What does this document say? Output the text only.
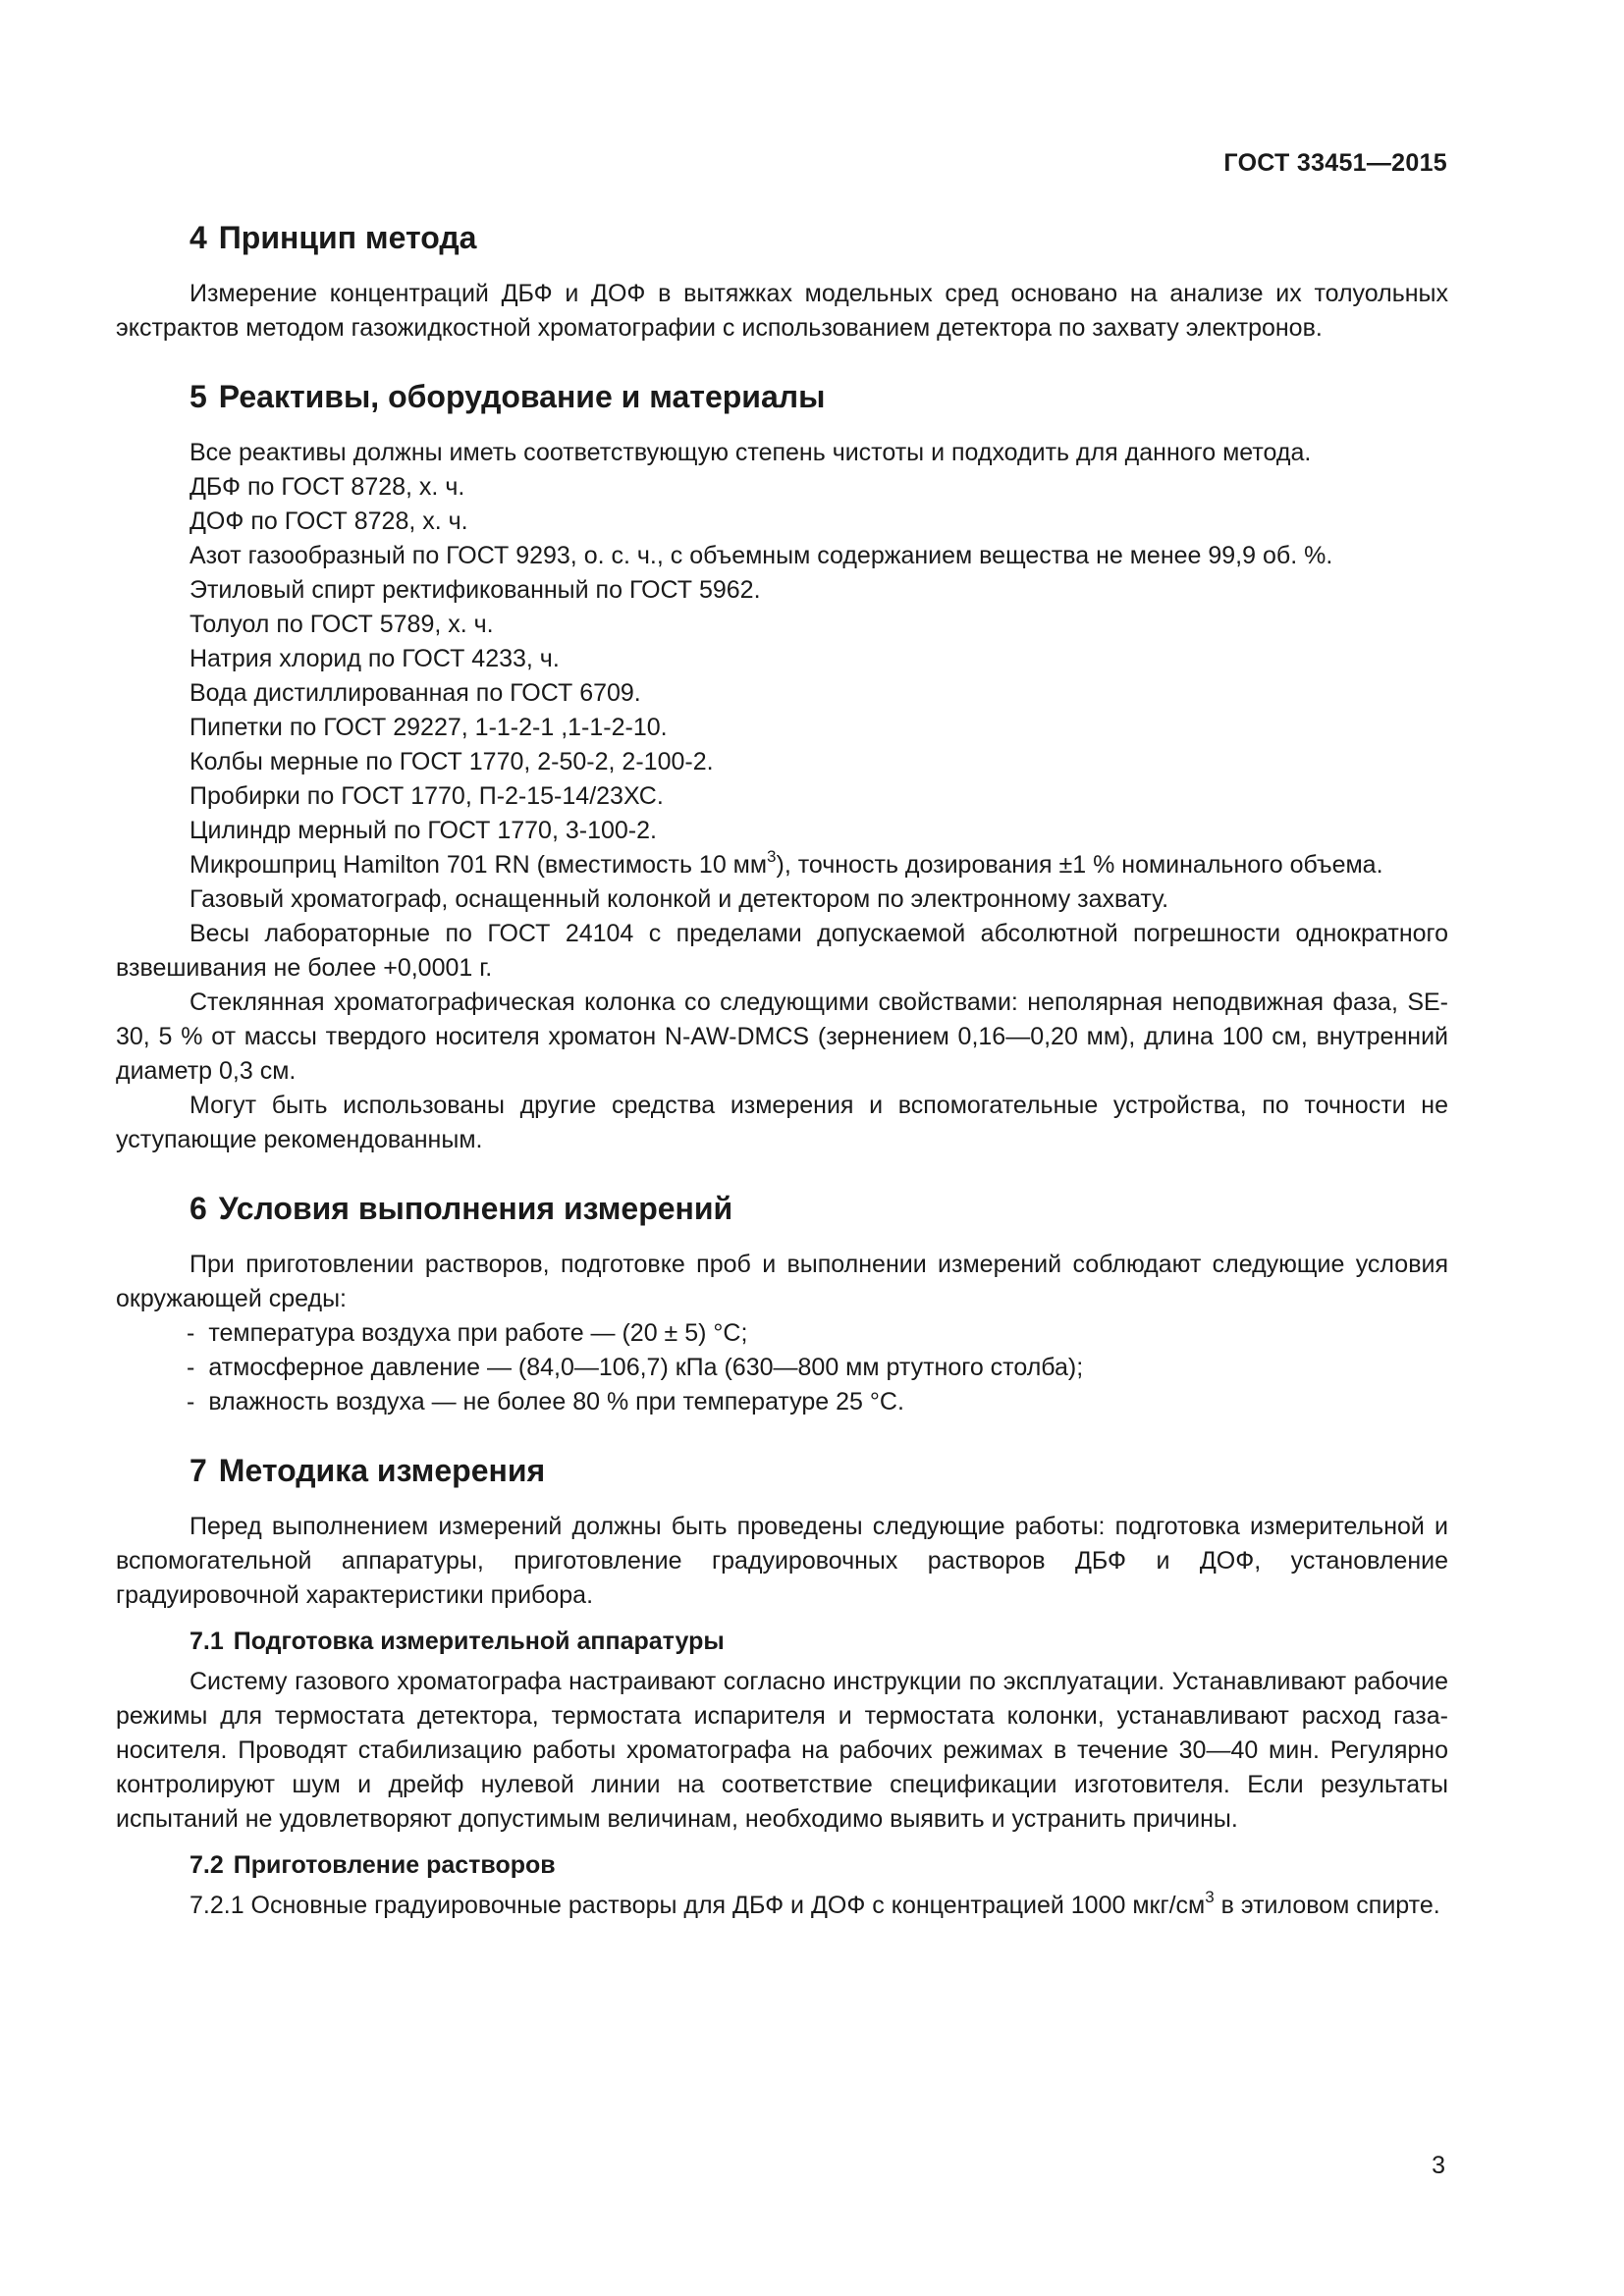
ГОСТ 33451—2015
4 Принцип метода

Измерение концентраций ДБФ и ДОФ в вытяжках модельных сред основано на анализе их толуольных экстрактов методом газожидкостной хроматографии с использованием детектора по захвату электронов.

5 Реактивы, оборудование и материалы

Все реактивы должны иметь соответствующую степень чистоты и подходить для данного метода.

ДБФ по ГОСТ 8728, х. ч.

ДОФ по ГОСТ 8728, х. ч.

Азот газообразный по ГОСТ 9293, о. с. ч., с объемным содержанием вещества не менее 99,9 об. %.

Этиловый спирт ректификованный по ГОСТ 5962.

Толуол по ГОСТ 5789, х. ч.

Натрия хлорид по ГОСТ 4233, ч.

Вода дистиллированная по ГОСТ 6709.

Пипетки по ГОСТ 29227, 1-1-2-1 ,1-1-2-10.

Колбы мерные по ГОСТ 1770, 2-50-2, 2-100-2.

Пробирки по ГОСТ 1770, П-2-15-14/23ХС.

Цилиндр мерный по ГОСТ 1770, 3-100-2.

Микрошприц Hamilton 701 RN (вместимость 10 $мм^3$), точность дозирования ±1 % номинального объема.

Газовый хроматограф, оснащенный колонкой и детектором по электронному захвату.

Весы лабораторные по ГОСТ 24104 с пределами допускаемой абсолютной погрешности однократного взвешивания не более +0,0001 г.

Стеклянная хроматографическая колонка со следующими свойствами: неполярная неподвижная фаза, SE-30, 5 % от массы твердого носителя хроматон N-AW-DMCS (зернением 0,16—0,20 мм), длина 100 см, внутренний диаметр 0,3 см.

Могут быть использованы другие средства измерения и вспомогательные устройства, по точности не уступающие рекомендованным.

6 Условия выполнения измерений

При приготовлении растворов, подготовке проб и выполнении измерений соблюдают следующие условия окружающей среды:

- температура воздуха при работе — (20 ± 5) °С;
- атмосферное давление — (84,0—106,7) кПа (630—800 мм ртутного столба);
- влажность воздуха — не более 80 % при температуре 25 °С.
7 Методика измерения

Перед выполнением измерений должны быть проведены следующие работы: подготовка измерительной и вспомогательной аппаратуры, приготовление градуировочных растворов ДБФ и ДОФ, установление градуировочной характеристики прибора.

7.1 Подготовка измерительной аппаратуры

Систему газового хроматографа настраивают согласно инструкции по эксплуатации. Устанавливают рабочие режимы для термостата детектора, термостата испарителя и термостата колонки, устанавливают расход газа-носителя. Проводят стабилизацию работы хроматографа на рабочих режимах в течение 30—40 мин. Регулярно контролируют шум и дрейф нулевой линии на соответствие спецификации изготовителя. Если результаты испытаний не удовлетворяют допустимым величинам, необходимо выявить и устранить причины.

7.2 Приготовление растворов

7.2.1 Основные градуировочные растворы для ДБФ и ДОФ с концентрацией 1000 мкг/$см^3$ в этиловом спирте.

3
